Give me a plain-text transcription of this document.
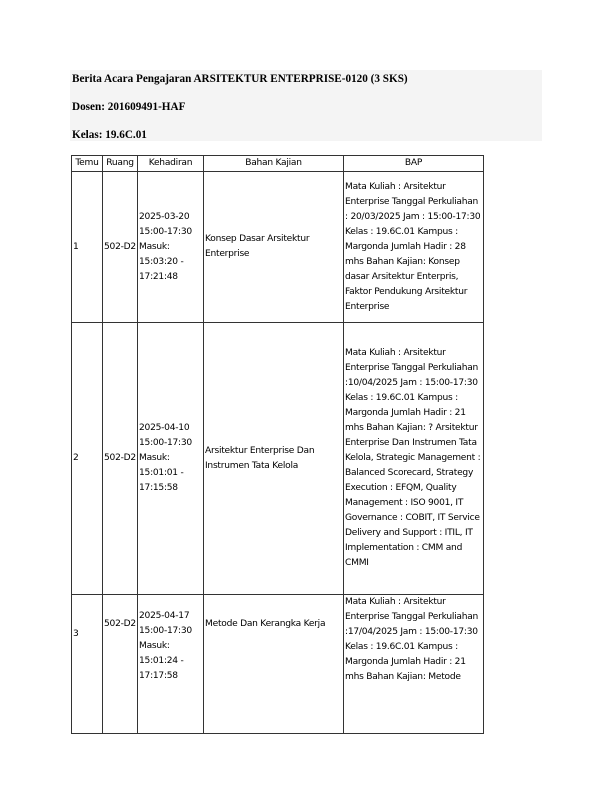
Berita Acara Pengajaran ARSITEKTUR ENTERPRISE-0120 (3 SKS)

Dosen: 201609491-HAF

Kelas: 19.6C.01

Temu	Ruang	Kehadiran	Bahan Kajian	BAP
1	502-D2	2025-03-20 15:00-17:30 Masuk: 15:03:20 - 17:21:48	Konsep Dasar Arsitektur Enterprise	Mata Kuliah : Arsitektur Enterprise Tanggal Perkuliahan : 20/03/2025 Jam : 15:00-17:30 Kelas : 19.6C.01 Kampus : Margonda Jumlah Hadir : 28 mhs Bahan Kajian: Konsep dasar Arsitektur Enterpris, Faktor Pendukung Arsitektur Enterprise
2	502-D2	2025-04-10 15:00-17:30 Masuk: 15:01:01 - 17:15:58	Arsitektur Enterprise Dan Instrumen Tata Kelola	Mata Kuliah : Arsitektur Enterprise Tanggal Perkuliahan :10/04/2025 Jam : 15:00-17:30 Kelas : 19.6C.01 Kampus : Margonda Jumlah Hadir : 21 mhs Bahan Kajian: ? Arsitektur Enterprise Dan Instrumen Tata Kelola, Strategic Management : Balanced Scorecard, Strategy Execution : EFQM, Quality Management : ISO 9001, IT Governance : COBIT, IT Service Delivery and Support : ITIL, IT Implementation : CMM and CMMI
3	502-D2	2025-04-17 15:00-17:30 Masuk: 15:01:24 - 17:17:58	Metode Dan Kerangka Kerja	Mata Kuliah : Arsitektur Enterprise Tanggal Perkuliahan :17/04/2025 Jam : 15:00-17:30 Kelas : 19.6C.01 Kampus : Margonda Jumlah Hadir : 21 mhs Bahan Kajian: Metode
